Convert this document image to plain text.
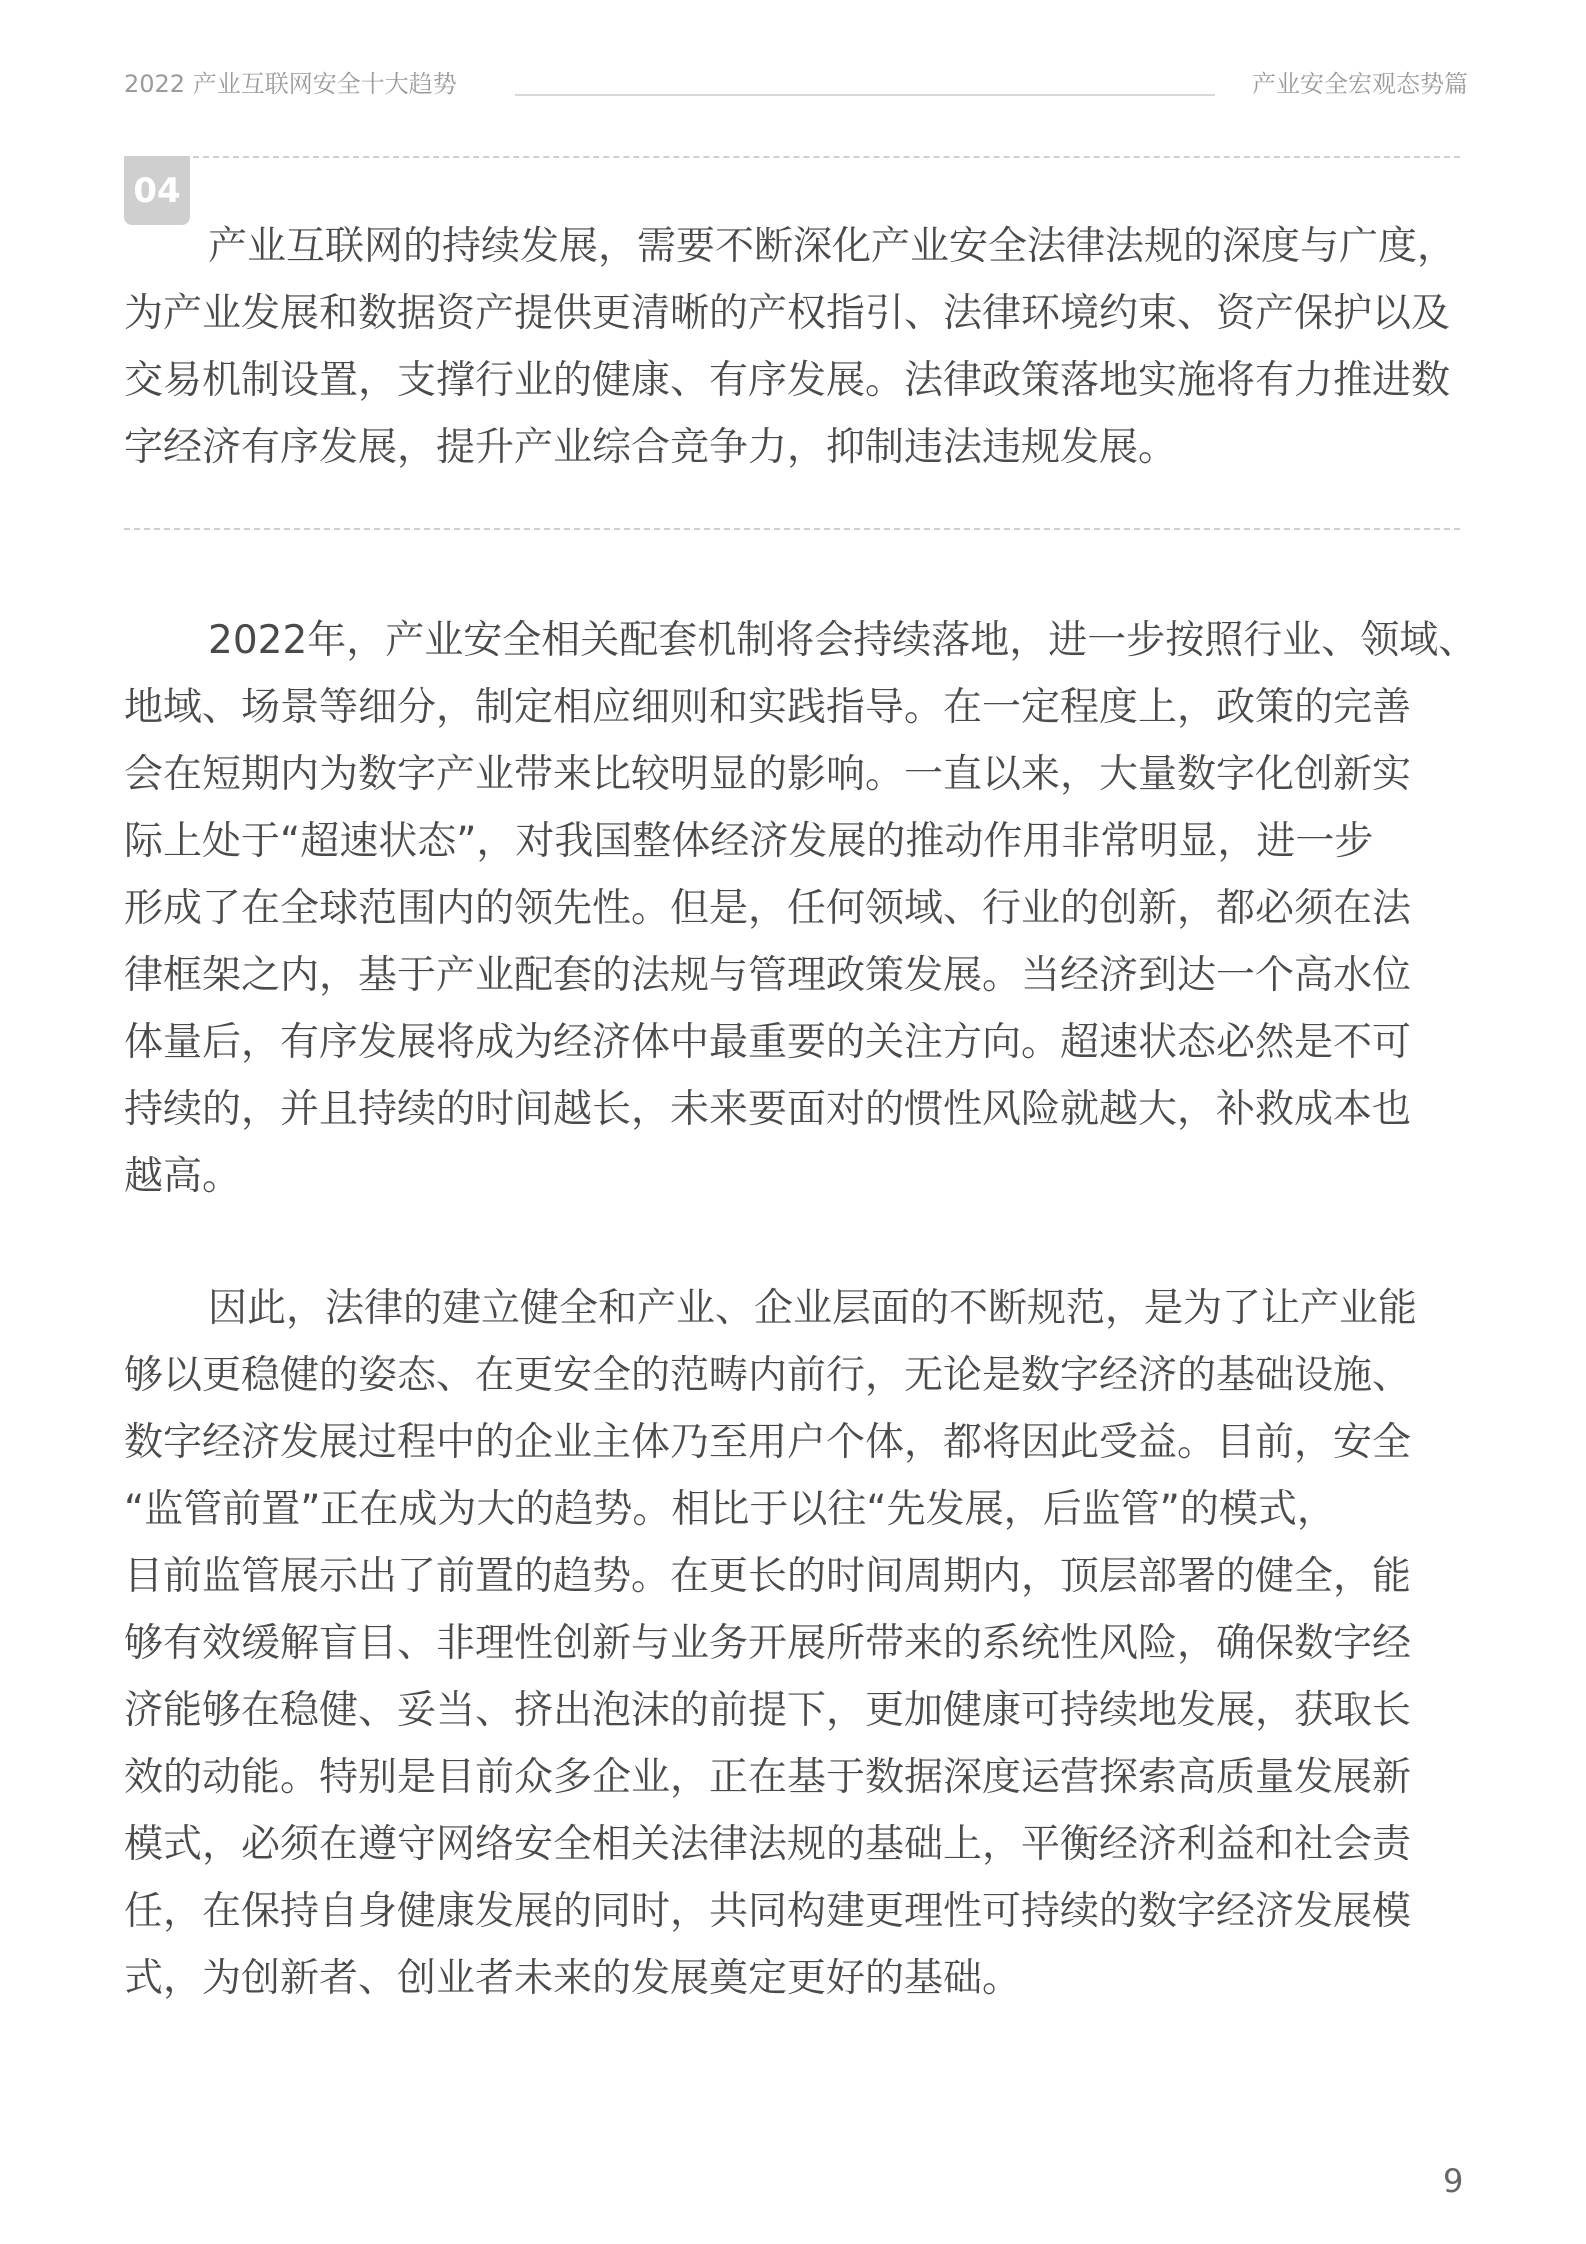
2022 产业互联网安全十大趋势	产业安全宏观态势篇
04
产业互联网的持续发展，需要不断深化产业安全法律法规的深度与广度，
为产业发展和数据资产提供更清晰的产权指引、法律环境约束、资产保护以及
交易机制设置，支撑行业的健康、有序发展。法律政策落地实施将有力推进数
字经济有序发展，提升产业综合竞争力，抑制违法违规发展。
2022年，产业安全相关配套机制将会持续落地，进一步按照行业、领域、
地域、场景等细分，制定相应细则和实践指导。在一定程度上，政策的完善
会在短期内为数字产业带来比较明显的影响。一直以来，大量数字化创新实
际上处于“超速状态”，对我国整体经济发展的推动作用非常明显，进一步
形成了在全球范围内的领先性。但是，任何领域、行业的创新，都必须在法
律框架之内，基于产业配套的法规与管理政策发展。当经济到达一个高水位
体量后，有序发展将成为经济体中最重要的关注方向。超速状态必然是不可
持续的，并且持续的时间越长，未来要面对的惯性风险就越大，补救成本也
越高。
因此，法律的建立健全和产业、企业层面的不断规范，是为了让产业能
够以更稳健的姿态、在更安全的范畴内前行，无论是数字经济的基础设施、
数字经济发展过程中的企业主体乃至用户个体，都将因此受益。目前，安全
“监管前置”正在成为大的趋势。相比于以往“先发展，后监管”的模式，
目前监管展示出了前置的趋势。在更长的时间周期内，顶层部署的健全，能
够有效缓解盲目、非理性创新与业务开展所带来的系统性风险，确保数字经
济能够在稳健、妥当、挤出泡沫的前提下，更加健康可持续地发展，获取长
效的动能。特别是目前众多企业，正在基于数据深度运营探索高质量发展新
模式，必须在遵守网络安全相关法律法规的基础上，平衡经济利益和社会责
任，在保持自身健康发展的同时，共同构建更理性可持续的数字经济发展模
式，为创新者、创业者未来的发展奠定更好的基础。
9
